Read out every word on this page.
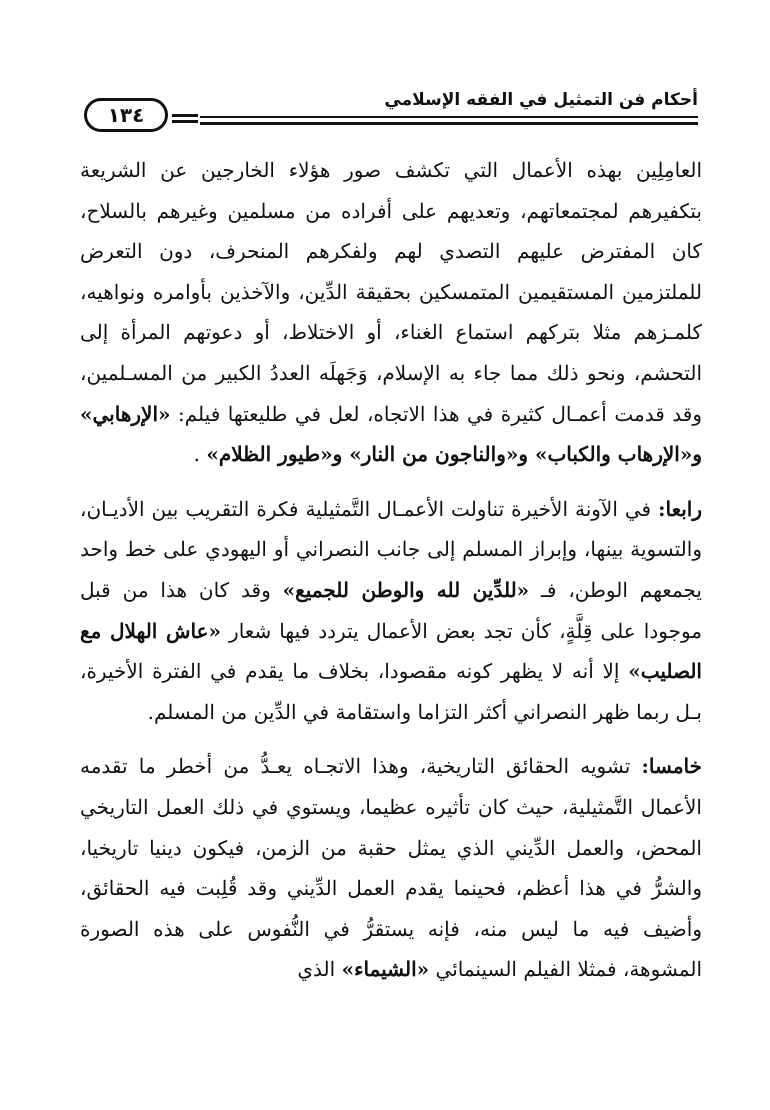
أحكام فن التمثيل في الفقه الإسلامي
١٣٤

العامِلِين بهذه الأعمال التي تكشف صور هؤلاء الخارجين عن الشريعة بتكفيرهم لمجتمعاتهم، وتعديهم على أفراده من مسلمين وغيرهم بالسلاح، كان المفترض عليهم التصدي لهم ولفكرهم المنحرف، دون التعرض للملتزمين المستقيمين المتمسكين بحقيقة الدِّين، والآخذين بأوامره ونواهيه، كلمـزهم مثلا بتركهم استماع الغناء، أو الاختلاط، أو دعوتهم المرأة إلى التحشم، ونحو ذلك مما جاء به الإسلام، وَجَهلَه العددُ الكبير من المسـلمين، وقد قدمت أعمـال كثيرة في هذا الاتجاه، لعل في طليعتها فيلم: «الإرهابي» و«الإرهاب والكباب» و«والناجون من النار» و«طيور الظلام» .

رابعا: في الآونة الأخيرة تناولت الأعمـال التَّمثيلية فكرة التقريب بين الأديـان، والتسوية بينها، وإبراز المسلم إلى جانب النصراني أو اليهودي على خط واحد يجمعهم الوطن، فـ «للدِّين لله والوطن للجميع» وقد كان هذا من قبل موجودا على قِلَّةٍ، كأن تجد بعض الأعمال يتردد فيها شعار «عاش الهلال مع الصليب» إلا أنه لا يظهر كونه مقصودا، بخلاف ما يقدم في الفترة الأخيرة، بـل ربما ظهر النصراني أكثر التزاما واستقامة في الدِّين من المسلم.

خامسا: تشويه الحقائق التاريخية، وهذا الاتجـاه يعـدُّ من أخطر ما تقدمه الأعمال التَّمثيلية، حيث كان تأثيره عظيما، ويستوي في ذلك العمل التاريخي المحض، والعمل الدِّيني الذي يمثل حقبة من الزمن، فيكون دينيا تاريخيا، والشرُّ في هذا أعظم، فحينما يقدم العمل الدِّيني وقد قُلِبت فيه الحقائق، وأضيف فيه ما ليس منه، فإنه يستقرُّ في النُّفوس على هذه الصورة المشوهة، فمثلا الفيلم السينمائي «الشيماء» الذي
